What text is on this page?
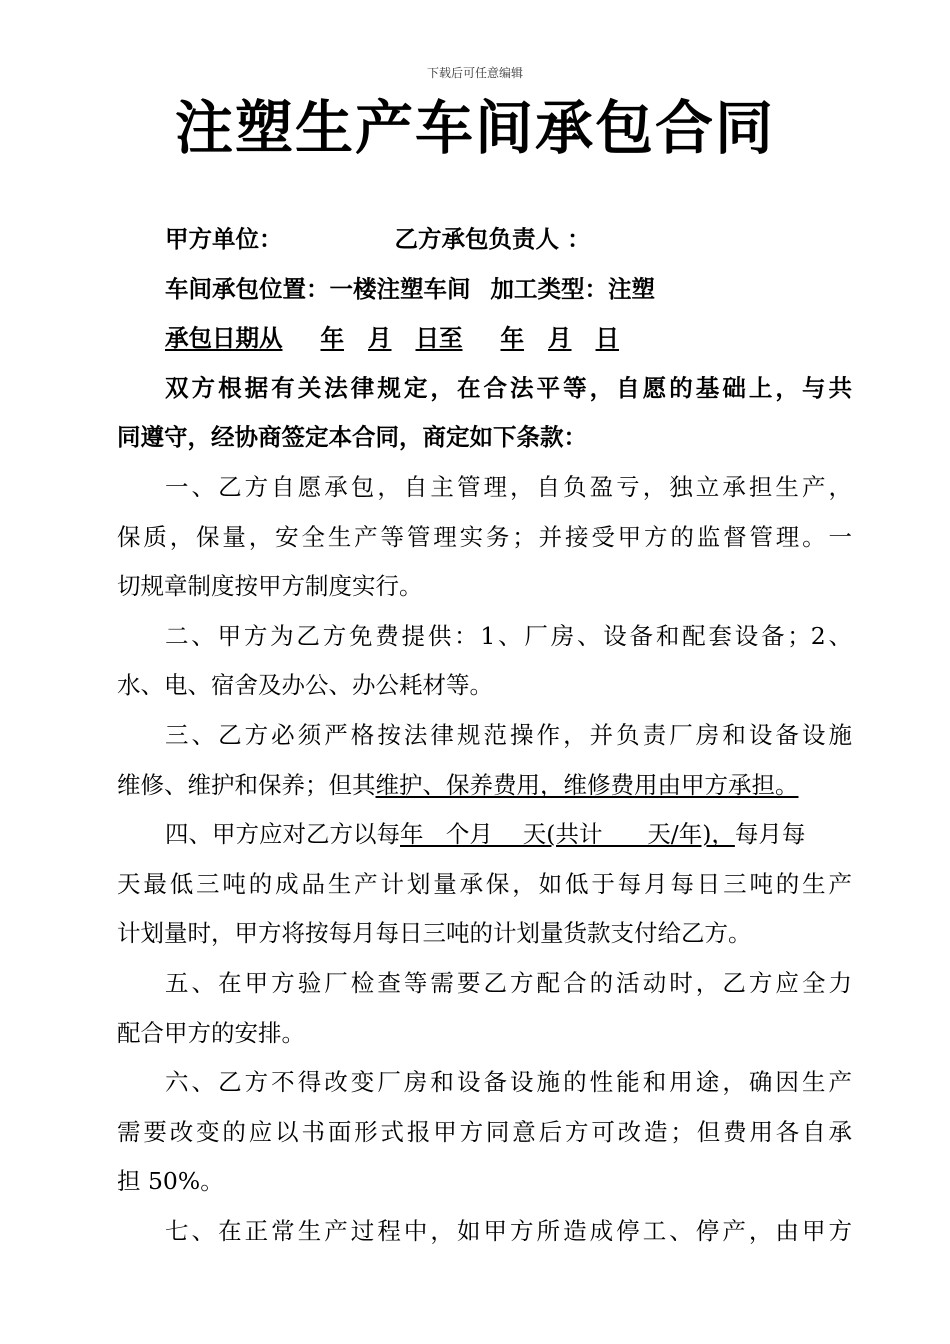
下载后可任意编辑
注塑生产车间承包合同
甲方单位：	乙方承包负责人 ：
车间承包位置：一楼注塑车间 加工类型：注塑
承包日期从 年 月 日至 年 月 日
双方根据有关法律规定，在合法平等，自愿的基础上，与共
同遵守，经协商签定本合同，商定如下条款：
一、乙方自愿承包，自主管理，自负盈亏，独立承担生产，
保质，保量，安全生产等管理实务；并接受甲方的监督管理。一
切规章制度按甲方制度实行。
二、甲方为乙方免费提供：1、厂房、设备和配套设备；2、
水、电、宿舍及办公、办公耗材等。
三、乙方必须严格按法律规范操作，并负责厂房和设备设施
维修、维护和保养；但其维护、保养费用，维修费用由甲方承担。
四、甲方应对乙方以每年   个月    天(共计      天/年)，每月每
天最低三吨的成品生产计划量承保，如低于每月每日三吨的生产
计划量时，甲方将按每月每日三吨的计划量货款支付给乙方。
五、在甲方验厂检查等需要乙方配合的活动时，乙方应全力
配合甲方的安排。
六、乙方不得改变厂房和设备设施的性能和用途，确因生产
需要改变的应以书面形式报甲方同意后方可改造；但费用各自承
担 50%。
七、在正常生产过程中，如甲方所造成停工、停产，由甲方
